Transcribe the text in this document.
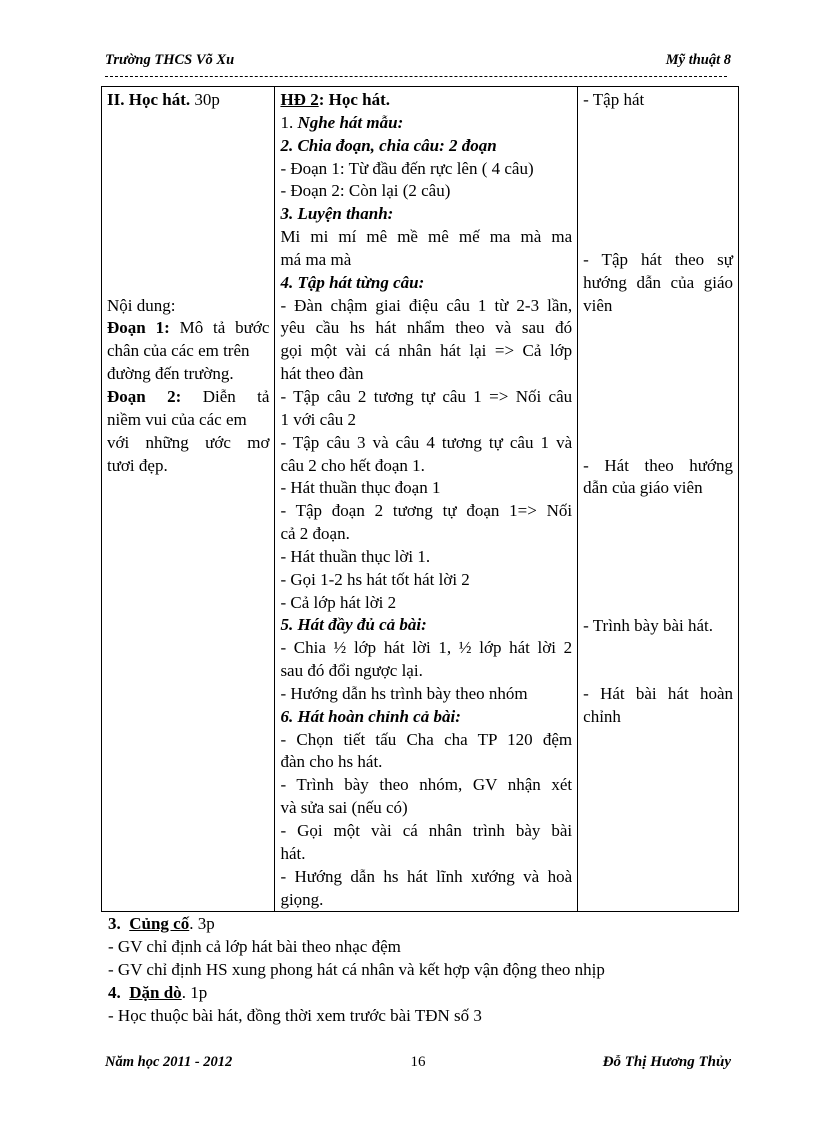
Trường THCS Võ Xu	Mỹ thuật 8
II. Học hát. 30p
Nội dung:
Đoạn 1: Mô tả bước
chân của các em trên
đường đến trường.
Đoạn 2: Diễn tả
niềm vui của các em
với những ước mơ
tươi đẹp.

HĐ 2: Học hát.
1. Nghe hát mẫu:
2. Chia đoạn, chia câu: 2 đoạn
- Đoạn 1: Từ đầu đến rực lên ( 4 câu)
- Đoạn 2: Còn lại (2 câu)
3. Luyện thanh:
Mi mi mí mê mề mê mế ma mà ma
má ma mà
4. Tập hát từng câu:
- Đàn chậm giai điệu câu 1 từ 2-3 lần,
yêu cầu hs hát nhẩm theo và sau đó
gọi một vài cá nhân hát lại => Cả lớp
hát theo đàn
- Tập câu 2 tương tự câu 1 => Nối câu
1 với câu 2
- Tập câu 3 và câu 4 tương tự câu 1 và
câu 2 cho hết đoạn 1.
- Hát thuần thục đoạn 1
- Tập đoạn 2 tương tự đoạn 1=> Nối
cả 2 đoạn.
- Hát thuần thục lời 1.
- Gọi 1-2 hs hát tốt hát lời 2
- Cả lớp hát lời 2
5. Hát đầy đủ cả bài:
- Chia ½ lớp hát lời 1, ½ lớp hát lời 2
sau đó đổi ngược lại.
- Hướng dẫn hs trình bày theo nhóm
6. Hát hoàn chỉnh cả bài:
- Chọn tiết tấu Cha cha TP 120 đệm
đàn cho hs hát.
- Trình bày theo nhóm, GV nhận xét
và sửa sai (nếu có)
- Gọi một vài cá nhân trình bày bài
hát.
- Hướng dẫn hs hát lĩnh xướng và hoà
giọng.

- Tập hát
- Tập hát theo sự
hướng dẫn của giáo
viên
- Hát theo hướng
dẫn của giáo viên
- Trình bày bài hát.
- Hát bài hát hoàn
chỉnh
3. Củng cố. 3p
- GV chỉ định cả lớp hát bài theo nhạc đệm
- GV chỉ định HS xung phong hát cá nhân và kết hợp vận động theo nhịp
4. Dặn dò. 1p
- Học thuộc bài hát, đồng thời xem trước bài TĐN số 3
Năm học 2011 - 2012	16	Đỗ Thị Hương Thủy
